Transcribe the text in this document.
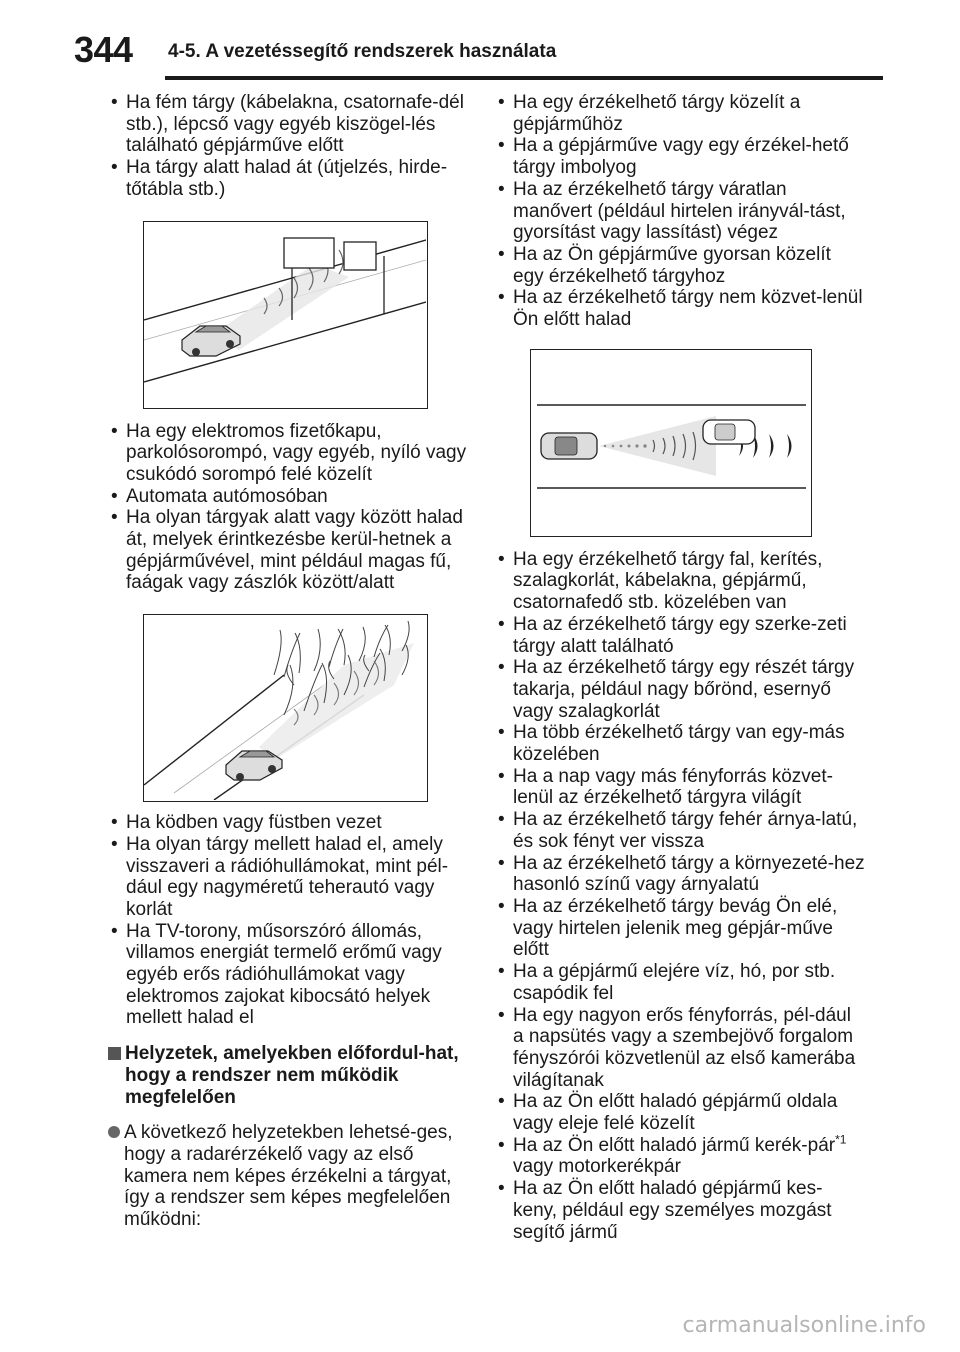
344 4-5. A vezetéssegítő rendszerek használata
• Ha fém tárgy (kábelakna, csatornafe-dél stb.), lépcső vagy egyéb kiszögel-lés található gépjárműve előtt
• Ha tárgy alatt halad át (útjelzés, hirde-tőtábla stb.)
• Ha egy elektromos fizetőkapu, parkolósorompó, vagy egyéb, nyíló vagy csukódó sorompó felé közelít
• Automata autómosóban
• Ha olyan tárgyak alatt vagy között halad át, melyek érintkezésbe kerül-hetnek a gépjárművével, mint például magas fű, faágak vagy zászlók között/alatt
• Ha ködben vagy füstben vezet
• Ha olyan tárgy mellett halad el, amely visszaveri a rádióhullámokat, mint pél-dául egy nagyméretű teherautó vagy korlát
• Ha TV-torony, műsorszóró állomás, villamos energiát termelő erőmű vagy egyéb erős rádióhullámokat vagy elektromos zajokat kibocsátó helyek mellett halad el
Helyzetek, amelyekben előfordul-hat, hogy a rendszer nem működik megfelelően
A következő helyzetekben lehetsé-ges, hogy a radarérzékelő vagy az első kamera nem képes érzékelni a tárgyat, így a rendszer sem képes megfelelően működni:
• Ha egy érzékelhető tárgy közelít a gépjárműhöz
• Ha a gépjárműve vagy egy érzékel-hető tárgy imbolyog
• Ha az érzékelhető tárgy váratlan manővert (például hirtelen irányvál-tást, gyorsítást vagy lassítást) végez
• Ha az Ön gépjárműve gyorsan közelít egy érzékelhető tárgyhoz
• Ha az érzékelhető tárgy nem közvet-lenül Ön előtt halad
• Ha egy érzékelhető tárgy fal, kerítés, szalagkorlát, kábelakna, gépjármű, csatornafedő stb. közelében van
• Ha az érzékelhető tárgy egy szerke-zeti tárgy alatt található
• Ha az érzékelhető tárgy egy részét tárgy takarja, például nagy bőrönd, esernyő vagy szalagkorlát
• Ha több érzékelhető tárgy van egy-más közelében
• Ha a nap vagy más fényforrás közvet-lenül az érzékelhető tárgyra világít
• Ha az érzékelhető tárgy fehér árnya-latú, és sok fényt ver vissza
• Ha az érzékelhető tárgy a környezeté-hez hasonló színű vagy árnyalatú
• Ha az érzékelhető tárgy bevág Ön elé, vagy hirtelen jelenik meg gépjár-műve előtt
• Ha a gépjármű elejére víz, hó, por stb. csapódik fel
• Ha egy nagyon erős fényforrás, pél-dául a napsütés vagy a szembejövő forgalom fényszórói közvetlenül az első kamerába világítanak
• Ha az Ön előtt haladó gépjármű oldala vagy eleje felé közelít
• Ha az Ön előtt haladó jármű kerék-pár$^{*1}$ vagy motorkerékpár
• Ha az Ön előtt haladó gépjármű kes-keny, például egy személyes mozgást segítő jármű
carmanualsonline.info
